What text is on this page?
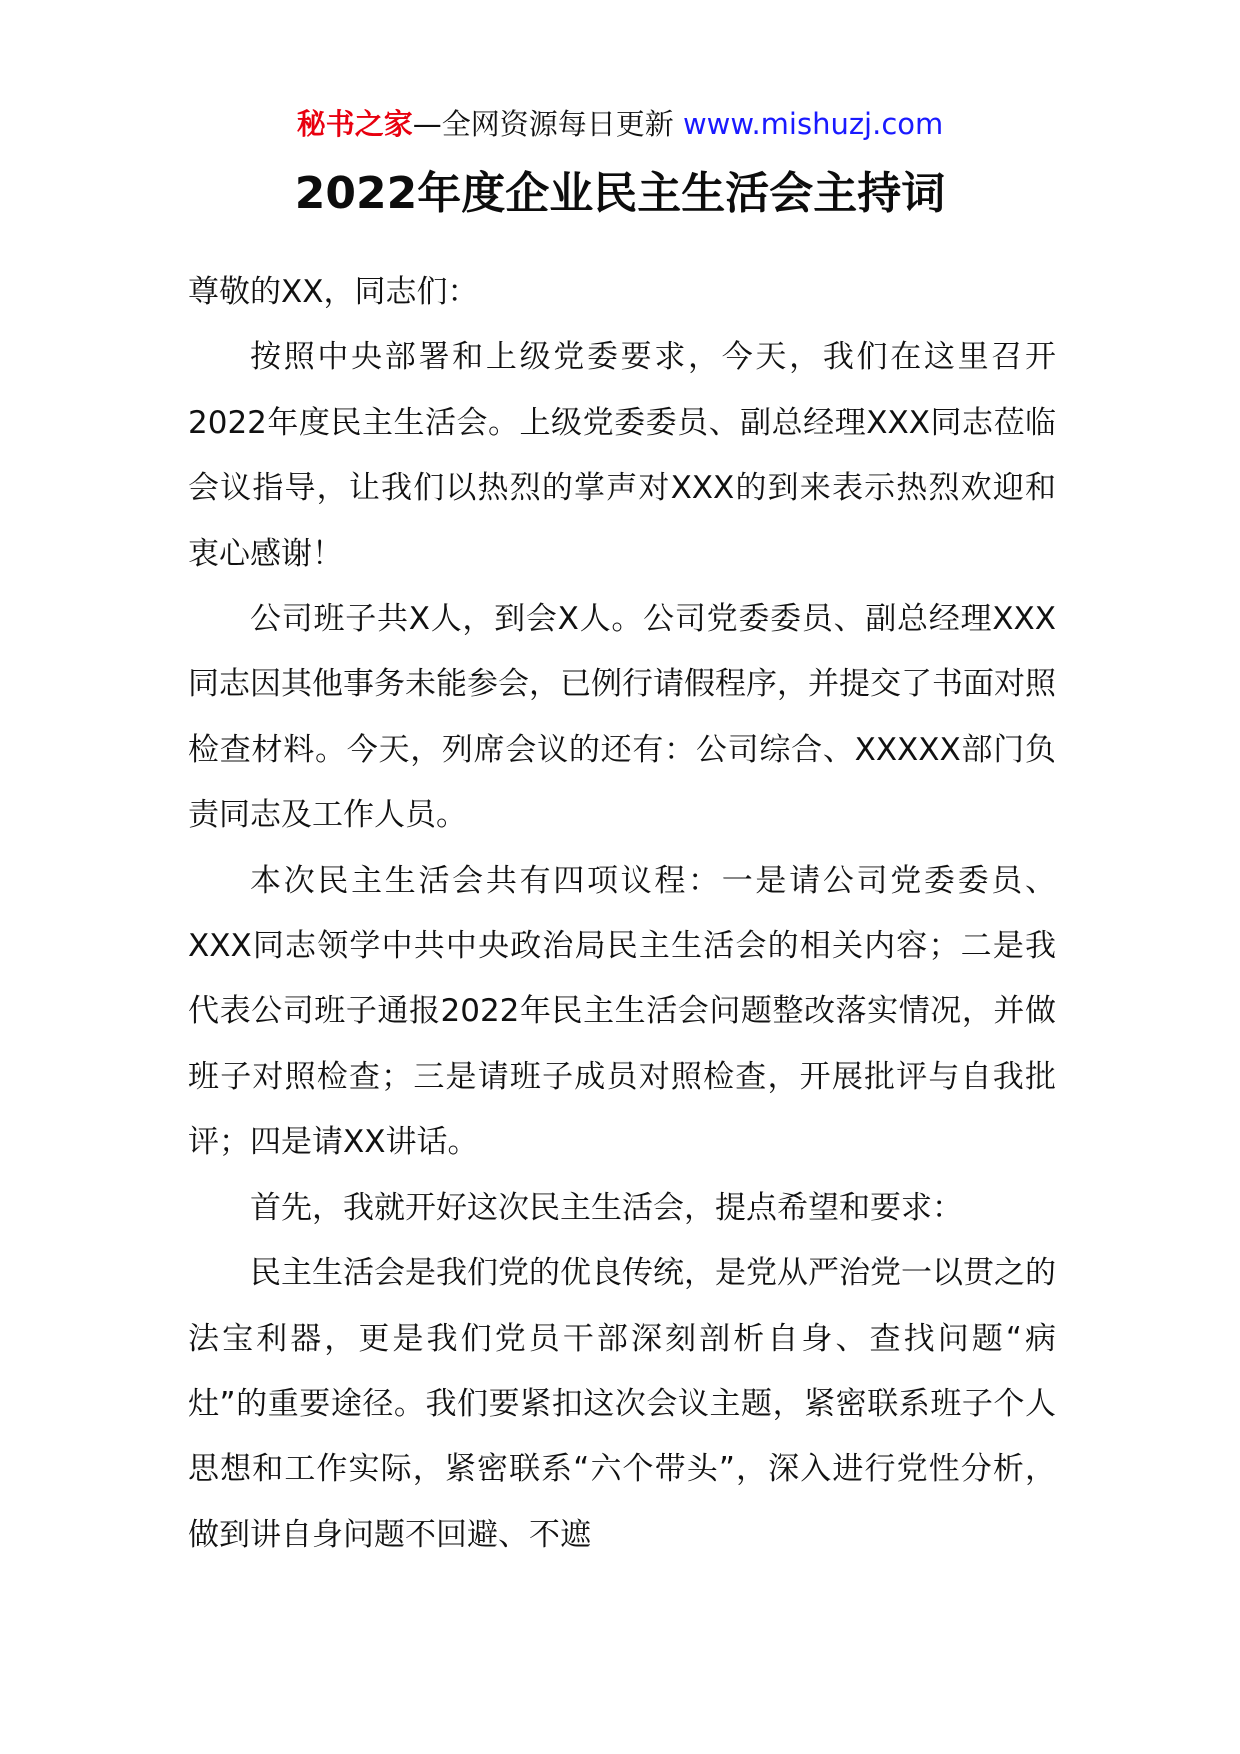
秘书之家—全网资源每日更新 www.mishuzj.com
2022年度企业民主生活会主持词

尊敬的XX，同志们：

按照中央部署和上级党委要求，今天，我们在这里召开2022年度民主生活会。上级党委委员、副总经理XXX同志莅临会议指导，让我们以热烈的掌声对XXX的到来表示热烈欢迎和衷心感谢！

公司班子共X人，到会X人。公司党委委员、副总经理XXX同志因其他事务未能参会，已例行请假程序，并提交了书面对照检查材料。今天，列席会议的还有：公司综合、XXXXX部门负责同志及工作人员。

本次民主生活会共有四项议程：一是请公司党委委员、XXX同志领学中共中央政治局民主生活会的相关内容；二是我代表公司班子通报2022年民主生活会问题整改落实情况，并做班子对照检查；三是请班子成员对照检查，开展批评与自我批评；四是请XX讲话。

首先，我就开好这次民主生活会，提点希望和要求：

民主生活会是我们党的优良传统，是党从严治党一以贯之的法宝利器，更是我们党员干部深刻剖析自身、查找问题“病灶”的重要途径。我们要紧扣这次会议主题，紧密联系班子个人思想和工作实际，紧密联系“六个带头”，深入进行党性分析，做到讲自身问题不回避、不遮
